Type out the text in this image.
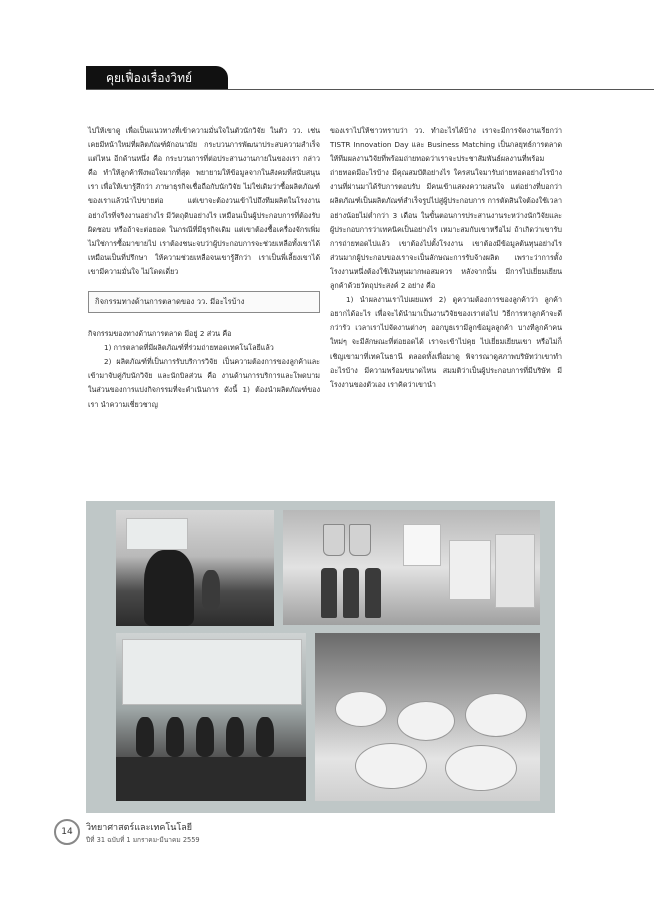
คุยเฟื่องเรื่องวิทย์

ไปให้เขาดู เพื่อเป็นแนวทางที่เข้าความมั่นใจในตัวนักวิจัย ในตัว วว. เช่น เคยมีหน้าใหม่ที่ผลิตภัณฑ์ผักอนามัย กระบวนการพัฒนาประสบความสำเร็จ แต่ไหน อีกด้านหนึ่ง คือ กระบวนการที่ต่อประสานงานภายในของเรา กล่าวคือ ทำให้ลูกค้าพึงพอใจมากที่สุด พยายามให้ข้อมูลจากในสังคมที่สนับสนุนเรา เพื่อให้เขารู้สึกว่า ภาษาธุรกิจเชื่อถือกับนักวิจัย ไม่ใช่เดิมว่าซื้อผลิตภัณฑ์ของเราแล้วนำไปขายต่อ แต่เขาจะต้องวนเข้าไปถึงทีมผลิตในโรงงานอย่างไรที่จริงงานอย่างไร มีวัตถุดิบอย่างไร เหมือนเป็นผู้ประกอบการที่ต้องรับผิดชอบ หรือถ้าจะต่อยอด ในกรณีที่มีธุรกิจเดิม แต่เขาต้องซื้อเครื่องจักรเพิ่ม ไม่ใช่การซื้อมาขายไป เราต้องชนะจบว่าผู้ประกอบการจะช่วยเหลือทั้งเขาได้ เหมือนเป็นที่ปรึกษา ให้ความช่วยเหลือจนเขารู้สึกว่า เราเป็นพี่เลี้ยงเขาได้ เขามีความมั่นใจ ไม่โดดเดี่ยว

กิจกรรมทางด้านการตลาดของ วว. มีอะไรบ้าง

กิจกรรมของทางด้านการตลาด มีอยู่ 2 ส่วน คือ

1) การตลาดที่มีผลิตภัณฑ์ที่ร่วมถ่ายทอดเทคโนโลยีแล้ว

2) ผลิตภัณฑ์ที่เป็นการรับบริการวิจัย เป็นความต้องการของลูกค้าและเข้ามาจับคู่กับนักวิจัย และนักบิลส่วน คือ งานด้านการบริการและโพดบาม ในส่วนของการแบ่งกิจกรรมที่จะดำเนินการ ดังนี้ 1) ต้องนำผลิตภัณฑ์ของเรา นำความเชี่ยวชาญ

ของเราไปให้ชาวทราบว่า วว. ทำอะไรได้บ้าง เราจะมีการจัดงานเรียกว่า TISTR Innovation Day และ Business Matching เป็นกลยุทธ์การตลาดให้ทีมผลงานวิจัยที่พร้อมถ่ายทอดว่าเราจะประชาสัมพันธ์ผลงานที่พร้อมถ่ายทอดมีอะไรบ้าง มีคุณสมบัติอย่างไร ใครสนใจมารับถ่ายทอดอย่างไรบ้าง งานที่ผ่านมาได้รับการตอบรับ มีคนเข้าแสดงความสนใจ แต่อย่างที่บอกว่า ผลิตภัณฑ์เป็นผลิตภัณฑ์สำเร็จรูปไปสู่ผู้ประกอบการ การตัดสินใจต้องใช้เวลาอย่างน้อยไม่ต่ำกว่า 3 เดือน ในขั้นตอนการประสานงานระหว่างนักวิจัยและผู้ประกอบการว่าเทคนิคเป็นอย่างไร เหมาะสมกับเขาหรือไม่ ถ้าเกิดว่าเขารับการถ่ายทอดไปแล้ว เขาต้องไปตั้งโรงงาน เขาต้องมีข้อมูลต้นทุนอย่างไร ส่วนมากผู้ประกอบของเราจะเป็นลักษณะการรับจ้างผลิต เพราะว่าการตั้งโรงงานหนึ่งต้องใช้เงินทุนมากพอสมควร หลังจากนั้น มีการไปเยี่ยมเยียนลูกค้าด้วยวัตถุประสงค์ 2 อย่าง คือ

1) นำผลงานเราไปเผยแพร่ 2) ดูความต้องการของลูกค้าว่า ลูกค้าอยากได้อะไร เพื่อจะได้นำมาเป็นงานวิจัยของเราต่อไป วิธีการหาลูกค้าจะดีกว่ารัว เวลาเราไปจัดงานต่างๆ ออกบูธเรามีลูกข้อมูลลูกค้า บางทีลูกค้าคนใหม่ๆ จะมีลักษณะที่ต่อยอดได้ เราจะเข้าไปคุย ไปเยี่ยมเยียนเขา หรือไม่ก็เชิญเขามาที่เทคโนธานี ตลอดทั้งเพื่อมาดู พิจารณาดูสภาพบริษัทว่าเขาทำอะไรบ้าง มีความพร้อมขนาดไหน สมมติว่าเป็นผู้ประกอบการที่มีบริษัท มีโรงงานของตัวเอง เราคิดว่าเขานำ

14	วิทยาศาสตร์และเทคโนโลยี
ปีที่ 31 ฉบับที่ 1 มกราคม-มีนาคม 2559
